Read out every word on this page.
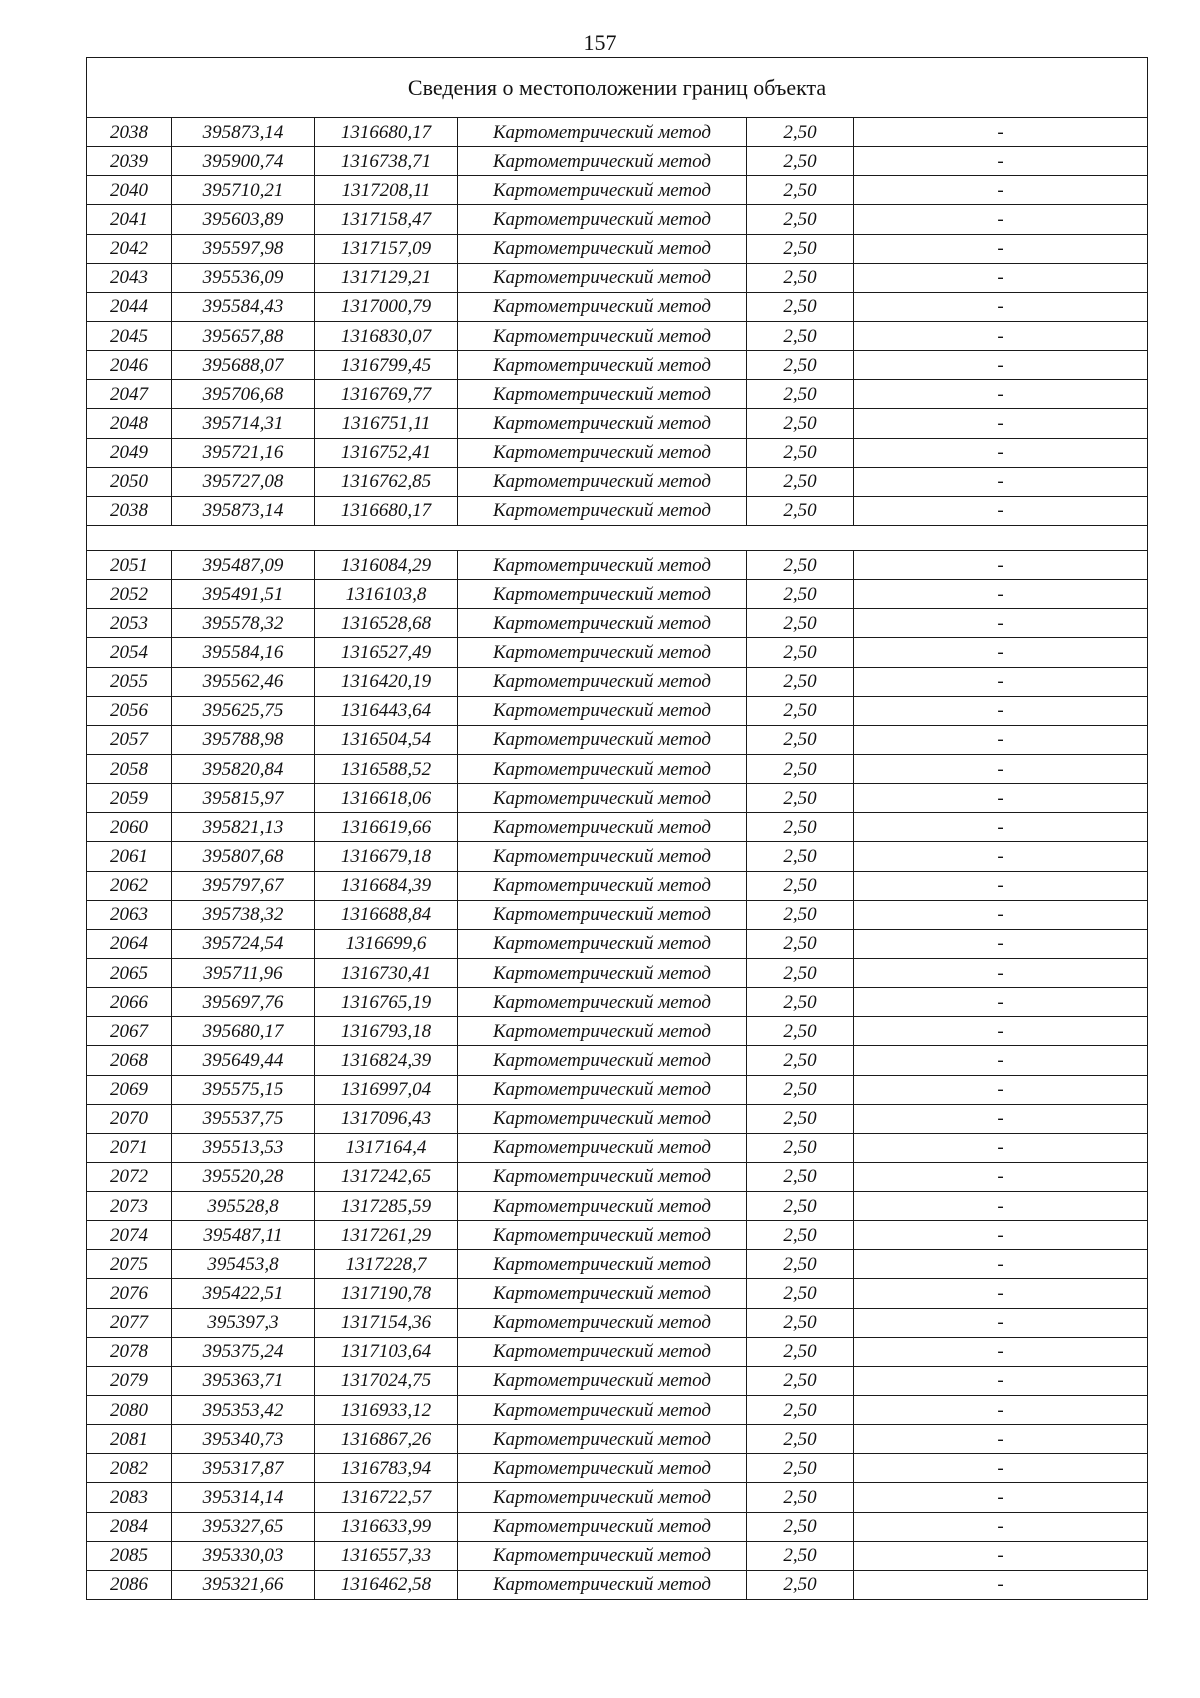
157
Сведения о местоположении границ объекта					
2038	395873,14	1316680,17	Картометрический метод	2,50	-
2039	395900,74	1316738,71	Картометрический метод	2,50	-
2040	395710,21	1317208,11	Картометрический метод	2,50	-
2041	395603,89	1317158,47	Картометрический метод	2,50	-
2042	395597,98	1317157,09	Картометрический метод	2,50	-
2043	395536,09	1317129,21	Картометрический метод	2,50	-
2044	395584,43	1317000,79	Картометрический метод	2,50	-
2045	395657,88	1316830,07	Картометрический метод	2,50	-
2046	395688,07	1316799,45	Картометрический метод	2,50	-
2047	395706,68	1316769,77	Картометрический метод	2,50	-
2048	395714,31	1316751,11	Картометрический метод	2,50	-
2049	395721,16	1316752,41	Картометрический метод	2,50	-
2050	395727,08	1316762,85	Картометрический метод	2,50	-
2038	395873,14	1316680,17	Картометрический метод	2,50	-

2051	395487,09	1316084,29	Картометрический метод	2,50	-
2052	395491,51	1316103,8	Картометрический метод	2,50	-
2053	395578,32	1316528,68	Картометрический метод	2,50	-
2054	395584,16	1316527,49	Картометрический метод	2,50	-
2055	395562,46	1316420,19	Картометрический метод	2,50	-
2056	395625,75	1316443,64	Картометрический метод	2,50	-
2057	395788,98	1316504,54	Картометрический метод	2,50	-
2058	395820,84	1316588,52	Картометрический метод	2,50	-
2059	395815,97	1316618,06	Картометрический метод	2,50	-
2060	395821,13	1316619,66	Картометрический метод	2,50	-
2061	395807,68	1316679,18	Картометрический метод	2,50	-
2062	395797,67	1316684,39	Картометрический метод	2,50	-
2063	395738,32	1316688,84	Картометрический метод	2,50	-
2064	395724,54	1316699,6	Картометрический метод	2,50	-
2065	395711,96	1316730,41	Картометрический метод	2,50	-
2066	395697,76	1316765,19	Картометрический метод	2,50	-
2067	395680,17	1316793,18	Картометрический метод	2,50	-
2068	395649,44	1316824,39	Картометрический метод	2,50	-
2069	395575,15	1316997,04	Картометрический метод	2,50	-
2070	395537,75	1317096,43	Картометрический метод	2,50	-
2071	395513,53	1317164,4	Картометрический метод	2,50	-
2072	395520,28	1317242,65	Картометрический метод	2,50	-
2073	395528,8	1317285,59	Картометрический метод	2,50	-
2074	395487,11	1317261,29	Картометрический метод	2,50	-
2075	395453,8	1317228,7	Картометрический метод	2,50	-
2076	395422,51	1317190,78	Картометрический метод	2,50	-
2077	395397,3	1317154,36	Картометрический метод	2,50	-
2078	395375,24	1317103,64	Картометрический метод	2,50	-
2079	395363,71	1317024,75	Картометрический метод	2,50	-
2080	395353,42	1316933,12	Картометрический метод	2,50	-
2081	395340,73	1316867,26	Картометрический метод	2,50	-
2082	395317,87	1316783,94	Картометрический метод	2,50	-
2083	395314,14	1316722,57	Картометрический метод	2,50	-
2084	395327,65	1316633,99	Картометрический метод	2,50	-
2085	395330,03	1316557,33	Картометрический метод	2,50	-
2086	395321,66	1316462,58	Картометрический метод	2,50	-
